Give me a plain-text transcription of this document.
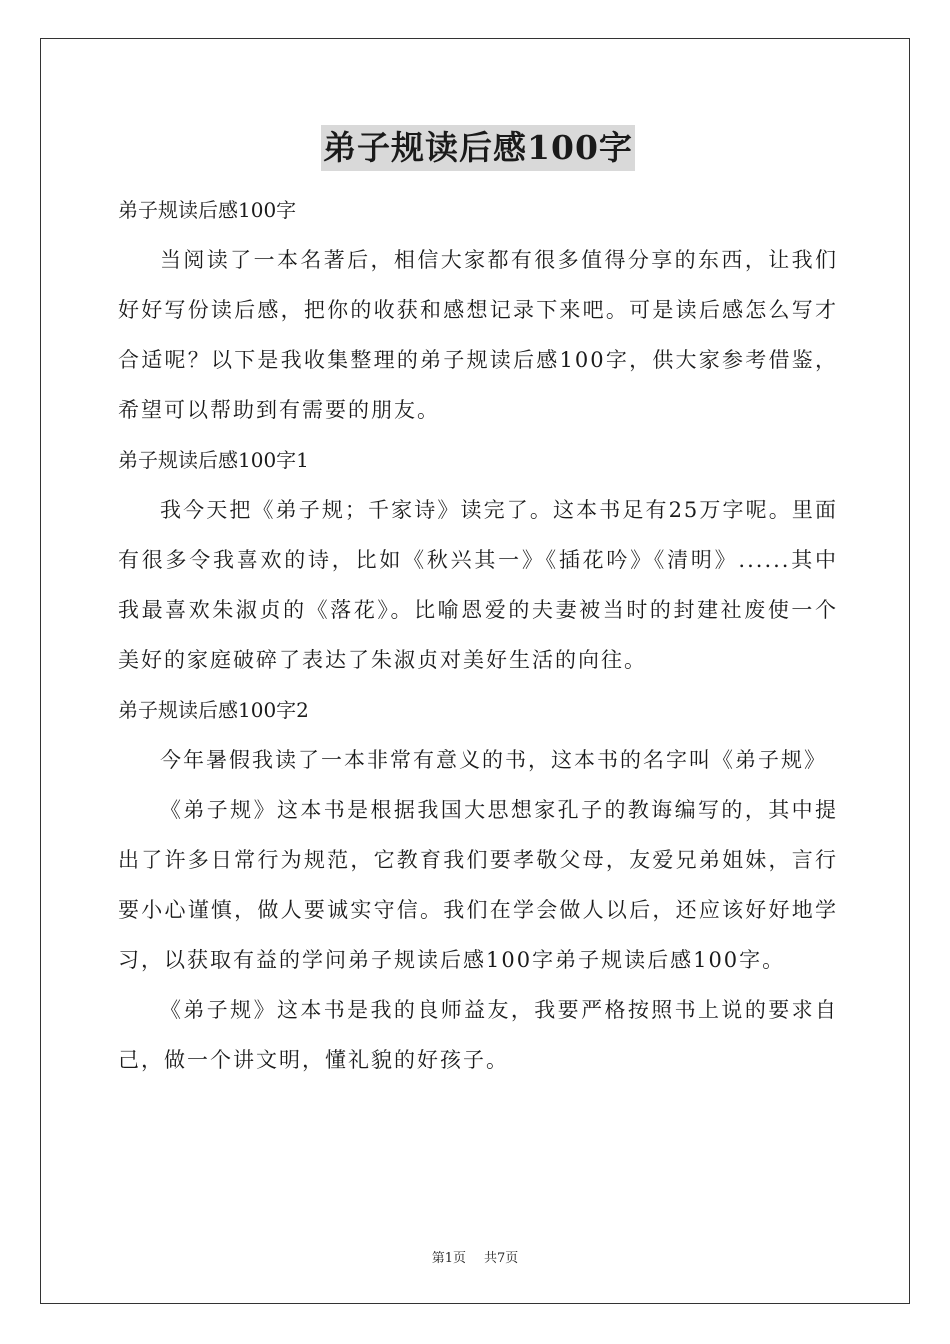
弟子规读后感100字

弟子规读后感100字

当阅读了一本名著后，相信大家都有很多值得分享的东西，让我们好好写份读后感，把你的收获和感想记录下来吧。可是读后感怎么写才合适呢？以下是我收集整理的弟子规读后感100字，供大家参考借鉴，希望可以帮助到有需要的朋友。

弟子规读后感100字1

我今天把《弟子规；千家诗》读完了。这本书足有25万字呢。里面有很多令我喜欢的诗，比如《秋兴其一》《插花吟》《清明》......其中我最喜欢朱淑贞的《落花》。比喻恩爱的夫妻被当时的封建社废使一个美好的家庭破碎了表达了朱淑贞对美好生活的向往。

弟子规读后感100字2

今年暑假我读了一本非常有意义的书，这本书的名字叫《弟子规》

《弟子规》这本书是根据我国大思想家孔子的教诲编写的，其中提出了许多日常行为规范，它教育我们要孝敬父母，友爱兄弟姐妹，言行要小心谨慎，做人要诚实守信。我们在学会做人以后，还应该好好地学习，以获取有益的学问弟子规读后感100字弟子规读后感100字。

《弟子规》这本书是我的良师益友，我要严格按照书上说的要求自己，做一个讲文明，懂礼貌的好孩子。

第1页 共7页
